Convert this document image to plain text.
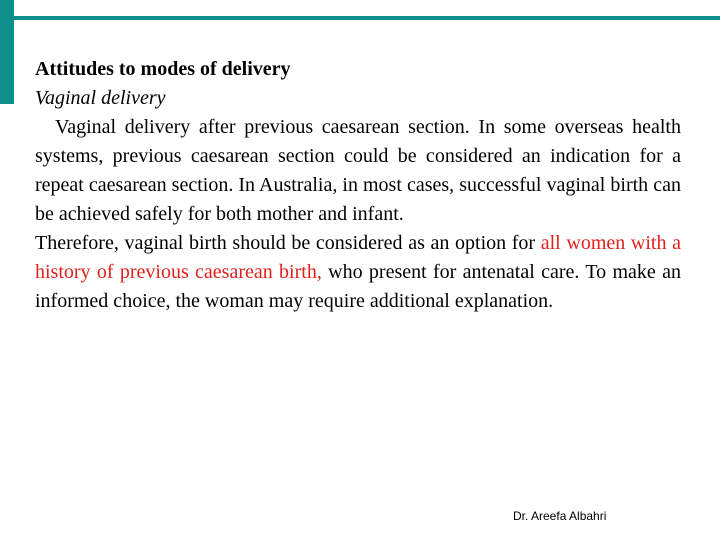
Attitudes to modes of delivery

Vaginal delivery

Vaginal delivery after previous caesarean section. In some overseas health systems, previous caesarean section could be considered an indication for a repeat caesarean section. In Australia, in most cases, successful vaginal birth can be achieved safely for both mother and infant.

Therefore, vaginal birth should be considered as an option for all women with a history of previous caesarean birth, who present for antenatal care. To make an informed choice, the woman may require additional explanation.

Dr. Areefa Albahri
